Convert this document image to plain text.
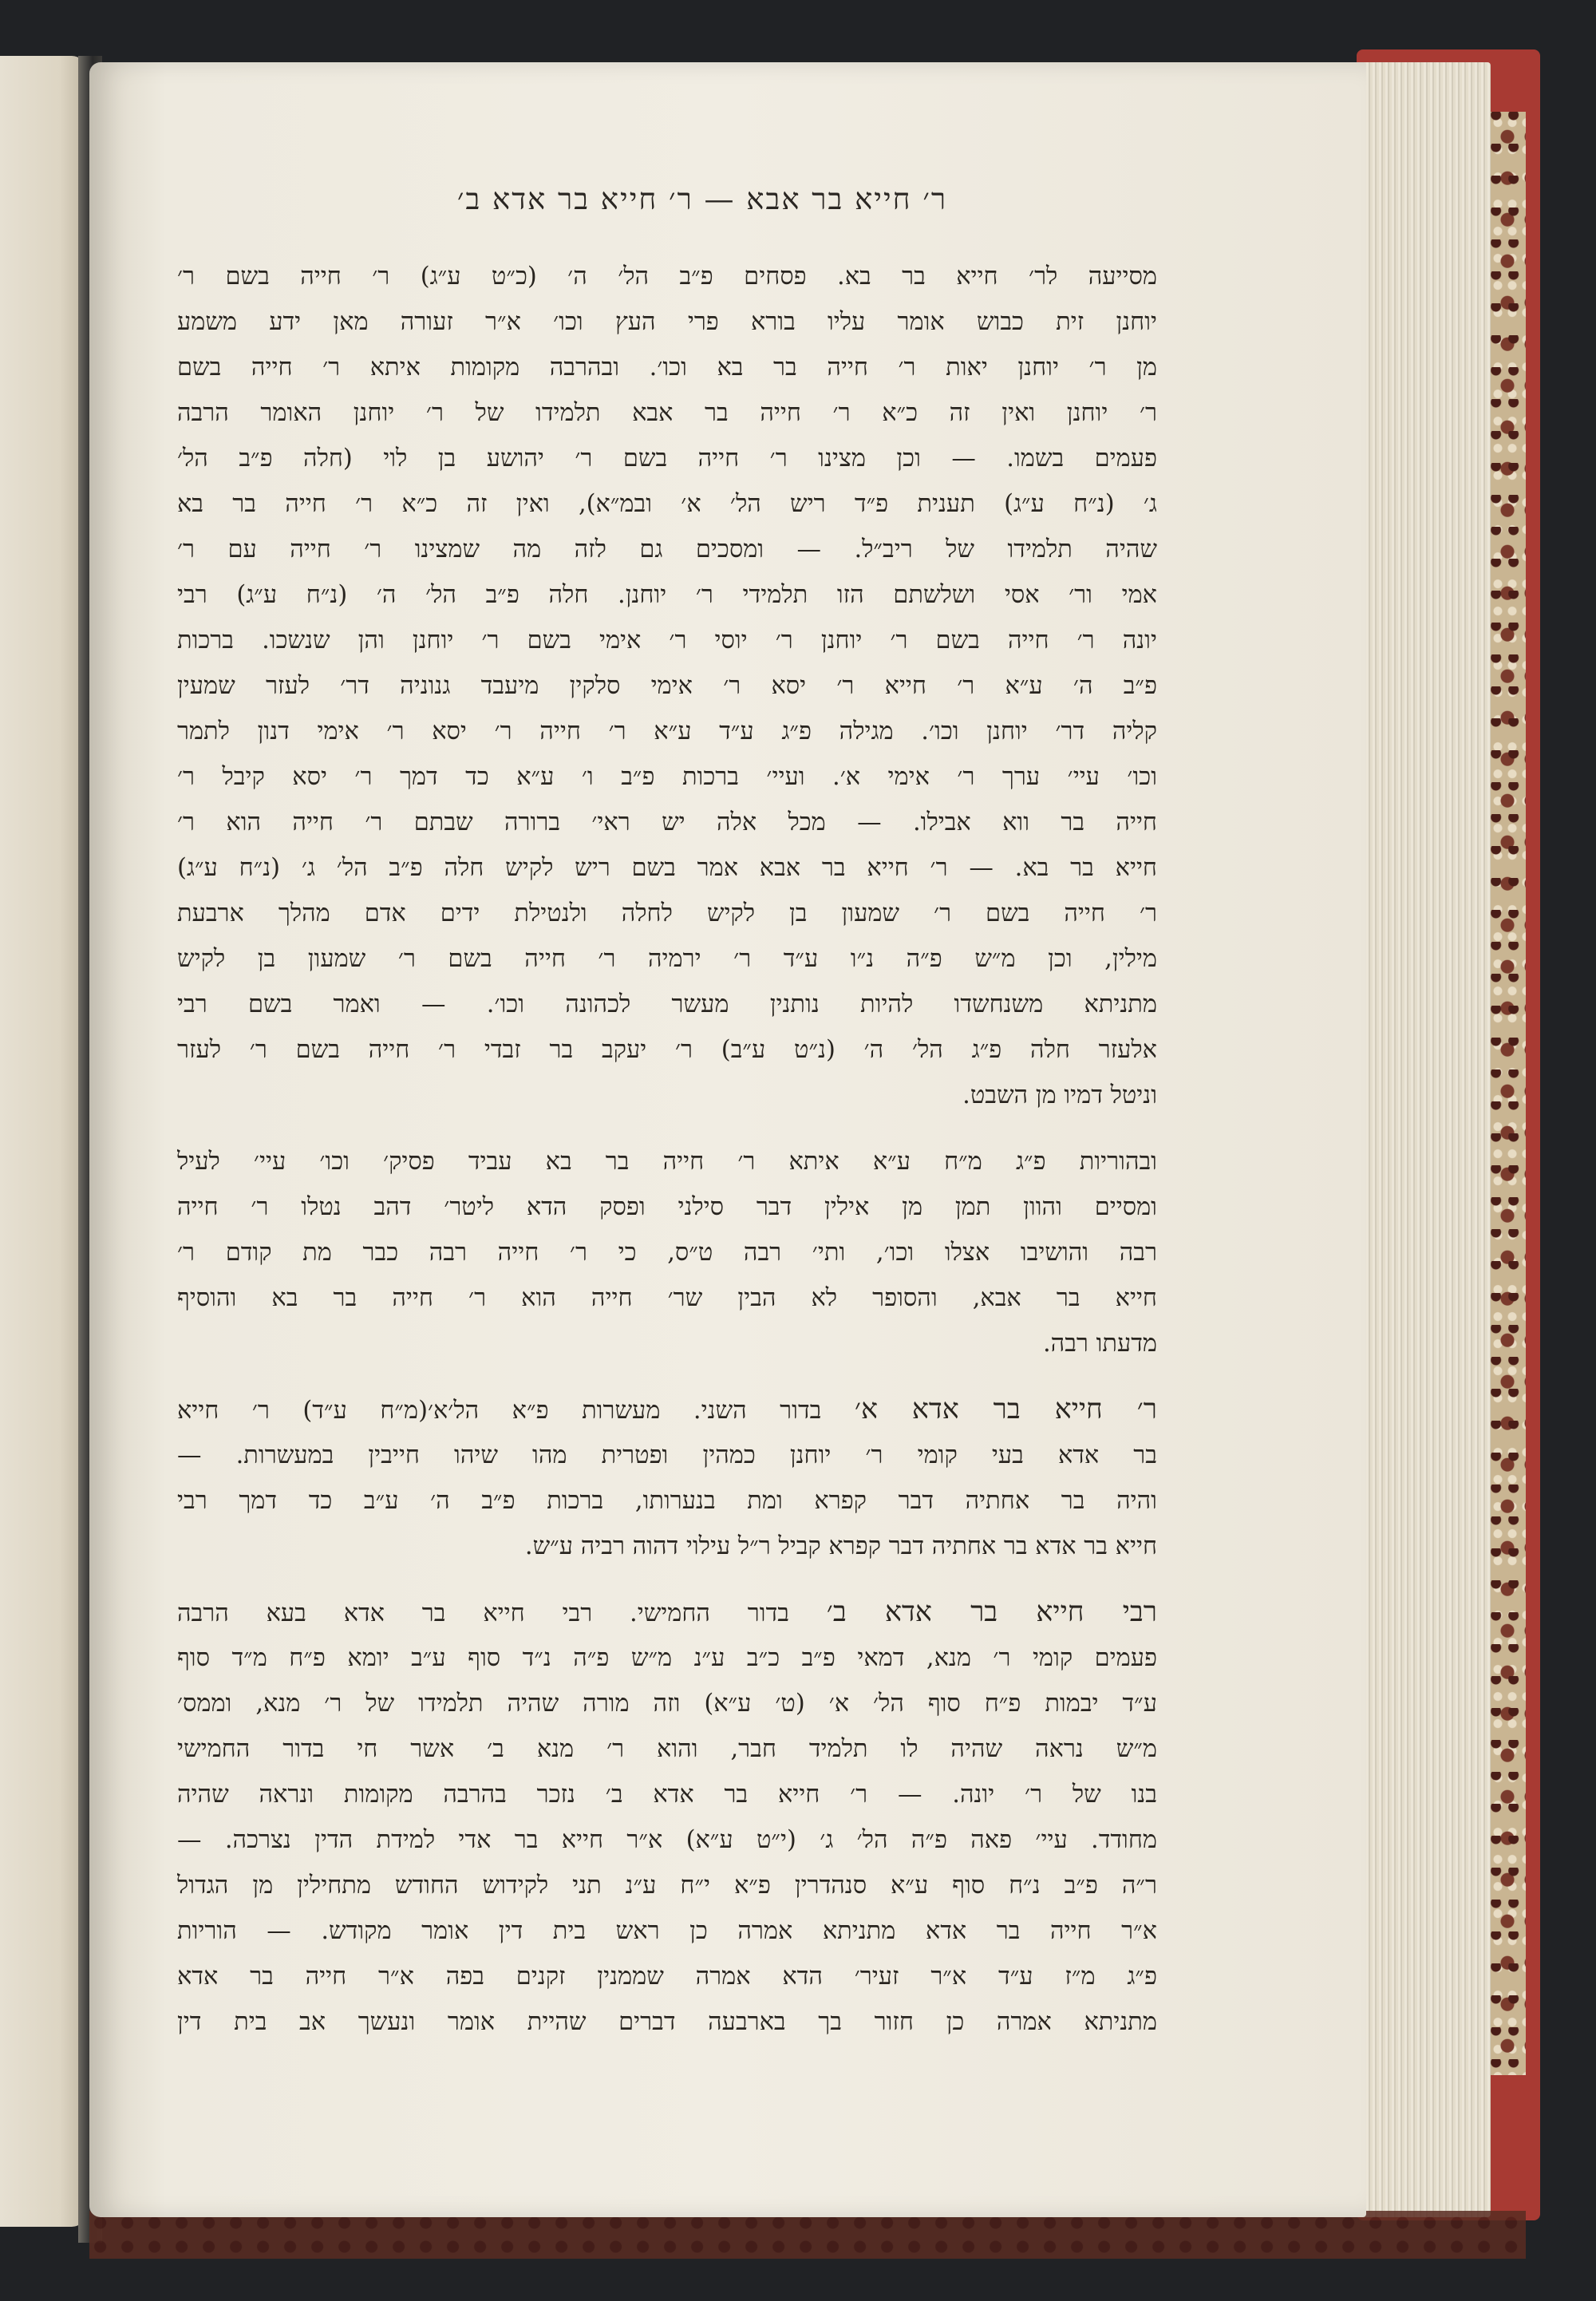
ר׳ חייא בר אבא — ר׳ חייא בר אדא ב׳
מסייעה לר׳ חייא בר בא. פסחים פ״ב הל׳ ה׳ (כ״ט ע״ג) ר׳ חייה בשם ר׳
יוחנן זית כבוש אומר עליו בורא פרי העץ וכו׳ א״ר זעורה מאן ידע משמע
מן ר׳ יוחנן יאות ר׳ חייה בר בא וכו׳. ובהרבה מקומות איתא ר׳ חייה בשם
ר׳ יוחנן ואין זה כ״א ר׳ חייה בר אבא תלמידו של ר׳ יוחנן האומר הרבה
פעמים בשמו. — וכן מצינו ר׳ חייה בשם ר׳ יהושע בן לוי (חלה פ״ב הל׳
ג׳ (נ״ח ע״ג) תענית פ״ד ריש הל׳ א׳ ובמ״א), ואין זה כ״א ר׳ חייה בר בא
שהיה תלמידו של ריב״ל. — ומסכים גם לזה מה שמצינו ר׳ חייה עם ר׳
אמי ור׳ אסי ושלשתם הזו תלמידי ר׳ יוחנן. חלה פ״ב הל׳ ה׳ (נ״ח ע״ג) רבי
יונה ר׳ חייה בשם ר׳ יוחנן ר׳ יוסי ר׳ אימי בשם ר׳ יוחנן והן שנשכו. ברכות
פ״ב ה׳ ע״א ר׳ חייא ר׳ יסא ר׳ אימי סלקין מיעבד גנוניה דר׳ לעזר שמעין
קליה דר׳ יוחנן וכו׳. מגילה פ״ג ע״ד ע״א ר׳ חייה ר׳ יסא ר׳ אימי דנון לתמר
וכו׳ עיי׳ ערך ר׳ אימי א׳. ועיי׳ ברכות פ״ב ו׳ ע״א כד דמך ר׳ יסא קיבל ר׳
חייה בר ווא אבילו. — מכל אלה יש ראי׳ ברורה שבתם ר׳ חייה הוא ר׳
חייא בר בא. — ר׳ חייא בר אבא אמר בשם ריש לקיש חלה פ״ב הל׳ ג׳ (נ״ח ע״ג)
ר׳ חייה בשם ר׳ שמעון בן לקיש לחלה ולנטילת ידים אדם מהלך ארבעת
מילין, וכן מ״ש פ״ה נ״ו ע״ד ר׳ ירמיה ר׳ חייה בשם ר׳ שמעון בן לקיש
מתניתא משנחשדו להיות נותנין מעשר לכהונה וכו׳. — ואמר בשם רבי
אלעזר חלה פ״ג הל׳ ה׳ (נ״ט ע״ב) ר׳ יעקב בר זבדי ר׳ חייה בשם ר׳ לעזר
וניטל דמיו מן השבט.
ובהוריות פ״ג מ״ח ע״א איתא ר׳ חייה בר בא עביד פסיק׳ וכו׳ עיי׳ לעיל
ומסיים והוון תמן מן אילין דבר סילני ופסק הדא ליטר׳ דהב נטלו ר׳ חייה
רבה והושיבו אצלו וכו׳, ותי׳ רבה ט״ס, כי ר׳ חייה רבה כבר מת קודם ר׳
חייא בר אבא, והסופר לא הבין שר׳ חייה הוא ר׳ חייה בר בא והוסיף
מדעתו רבה.
ר׳ חייא בר אדא א׳ בדור השני. מעשרות פ״א הל׳א׳(מ״ח ע״ד) ר׳ חייא
בר אדא בעי קומי ר׳ יוחנן כמהין ופטרית מהו שיהו חייבין במעשרות. —
והיה בר אחתיה דבר קפרא ומת בנערותו, ברכות פ״ב ה׳ ע״ב כד דמך רבי
חייא בר אדא בר אחתיה דבר קפרא קביל ר״ל עילוי דהוה רביה ע״ש.
רבי חייא בר אדא ב׳ בדור החמישי. רבי חייא בר אדא בעא הרבה
פעמים קומי ר׳ מנא, דמאי פ״ב כ״ב ע״נ מ״ש פ״ה נ״ד סוף ע״ב יומא פ״ח מ״ד סוף
ע״ד יבמות פ״ח סוף הל׳ א׳ (ט׳ ע״א) וזה מורה שהיה תלמידו של ר׳ מנא, וממס׳
מ״ש נראה שהיה לו תלמיד חבר, והוא ר׳ מנא ב׳ אשר חי בדור החמישי
בנו של ר׳ יונה. — ר׳ חייא בר אדא ב׳ נזכר בהרבה מקומות ונראה שהיה
מחודד. עיי׳ פאה פ״ה הל׳ ג׳ (י״ט ע״א) א״ר חייא בר אדי למידת הדין נצרכה. —
ר״ה פ״ב נ״ח סוף ע״א סנהדרין פ״א י״ח ע״נ תני לקידוש החודש מתחילין מן הגדול
א״ר חייה בר אדא מתניתא אמרה כן ראש בית דין אומר מקודש. — הוריות
פ״ג מ״ז ע״ד א״ר זעיר׳ הדא אמרה שממנין זקנים בפה א״ר חייה בר אדא
מתניתא אמרה כן חזור בך בארבעה דברים שהיית אומר ונעשך אב בית דין
